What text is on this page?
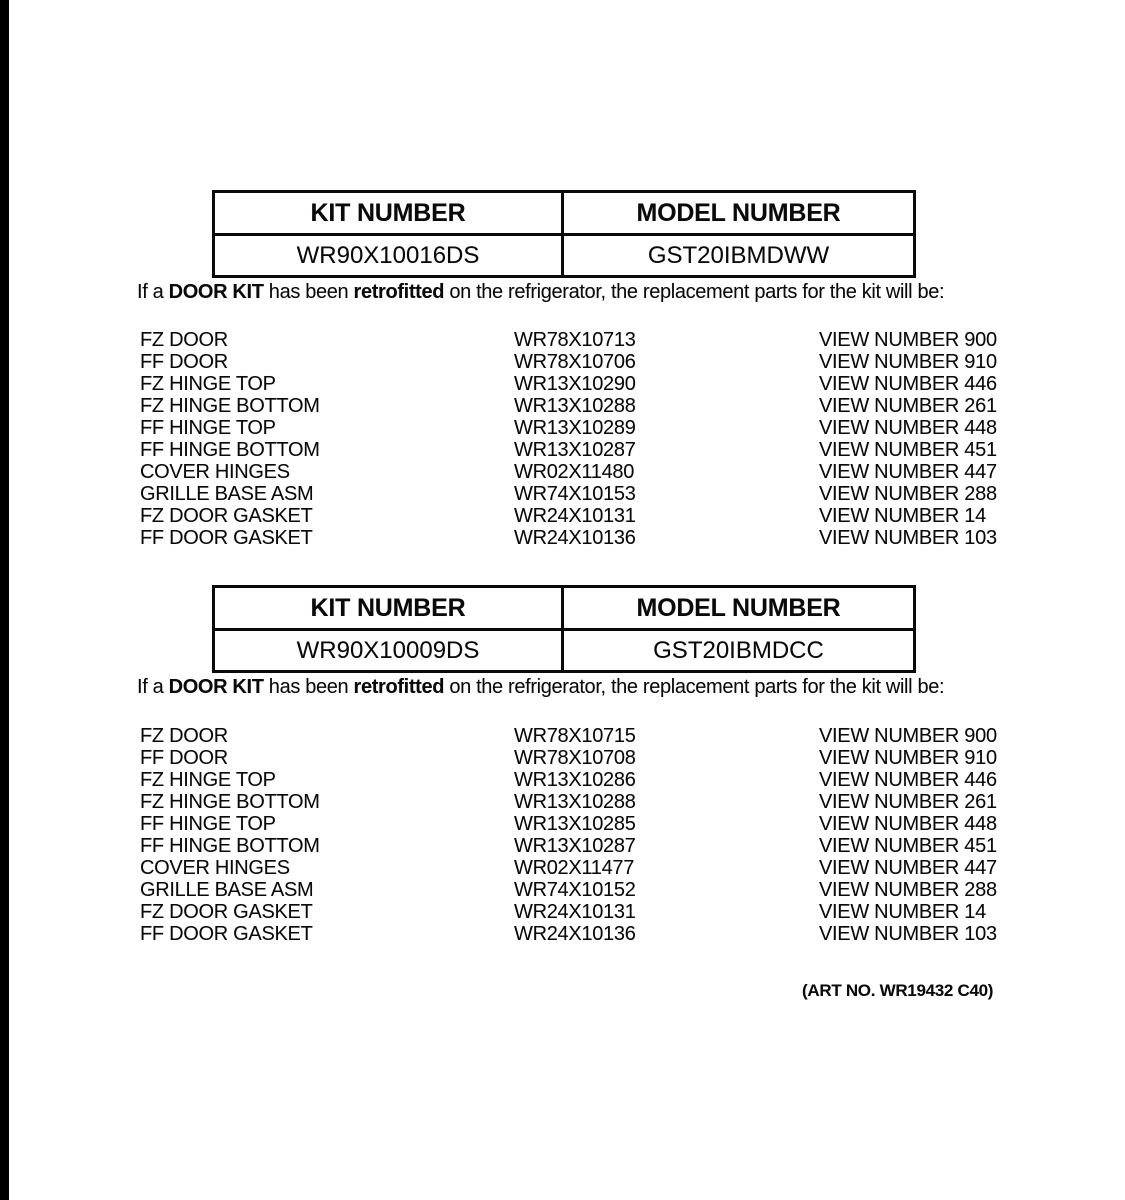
KIT NUMBER	MODEL NUMBER
WR90X10016DS	GST20IBMDWW
If a DOOR KIT has been retrofitted on the refrigerator, the replacement parts for the kit will be:
FZ DOOR	WR78X10713	VIEW NUMBER 900
FF DOOR	WR78X10706	VIEW NUMBER 910
FZ HINGE TOP	WR13X10290	VIEW NUMBER 446
FZ HINGE BOTTOM	WR13X10288	VIEW NUMBER 261
FF HINGE TOP	WR13X10289	VIEW NUMBER 448
FF HINGE BOTTOM	WR13X10287	VIEW NUMBER 451
COVER HINGES	WR02X11480	VIEW NUMBER 447
GRILLE BASE ASM	WR74X10153	VIEW NUMBER 288
FZ DOOR GASKET	WR24X10131	VIEW NUMBER 14
FF DOOR GASKET	WR24X10136	VIEW NUMBER 103
KIT NUMBER	MODEL NUMBER
WR90X10009DS	GST20IBMDCC
If a DOOR KIT has been retrofitted on the refrigerator, the replacement parts for the kit will be:
FZ DOOR	WR78X10715	VIEW NUMBER 900
FF DOOR	WR78X10708	VIEW NUMBER 910
FZ HINGE TOP	WR13X10286	VIEW NUMBER 446
FZ HINGE BOTTOM	WR13X10288	VIEW NUMBER 261
FF HINGE TOP	WR13X10285	VIEW NUMBER 448
FF HINGE BOTTOM	WR13X10287	VIEW NUMBER 451
COVER HINGES	WR02X11477	VIEW NUMBER 447
GRILLE BASE ASM	WR74X10152	VIEW NUMBER 288
FZ DOOR GASKET	WR24X10131	VIEW NUMBER 14
FF DOOR GASKET	WR24X10136	VIEW NUMBER 103
(ART NO. WR19432 C40)
